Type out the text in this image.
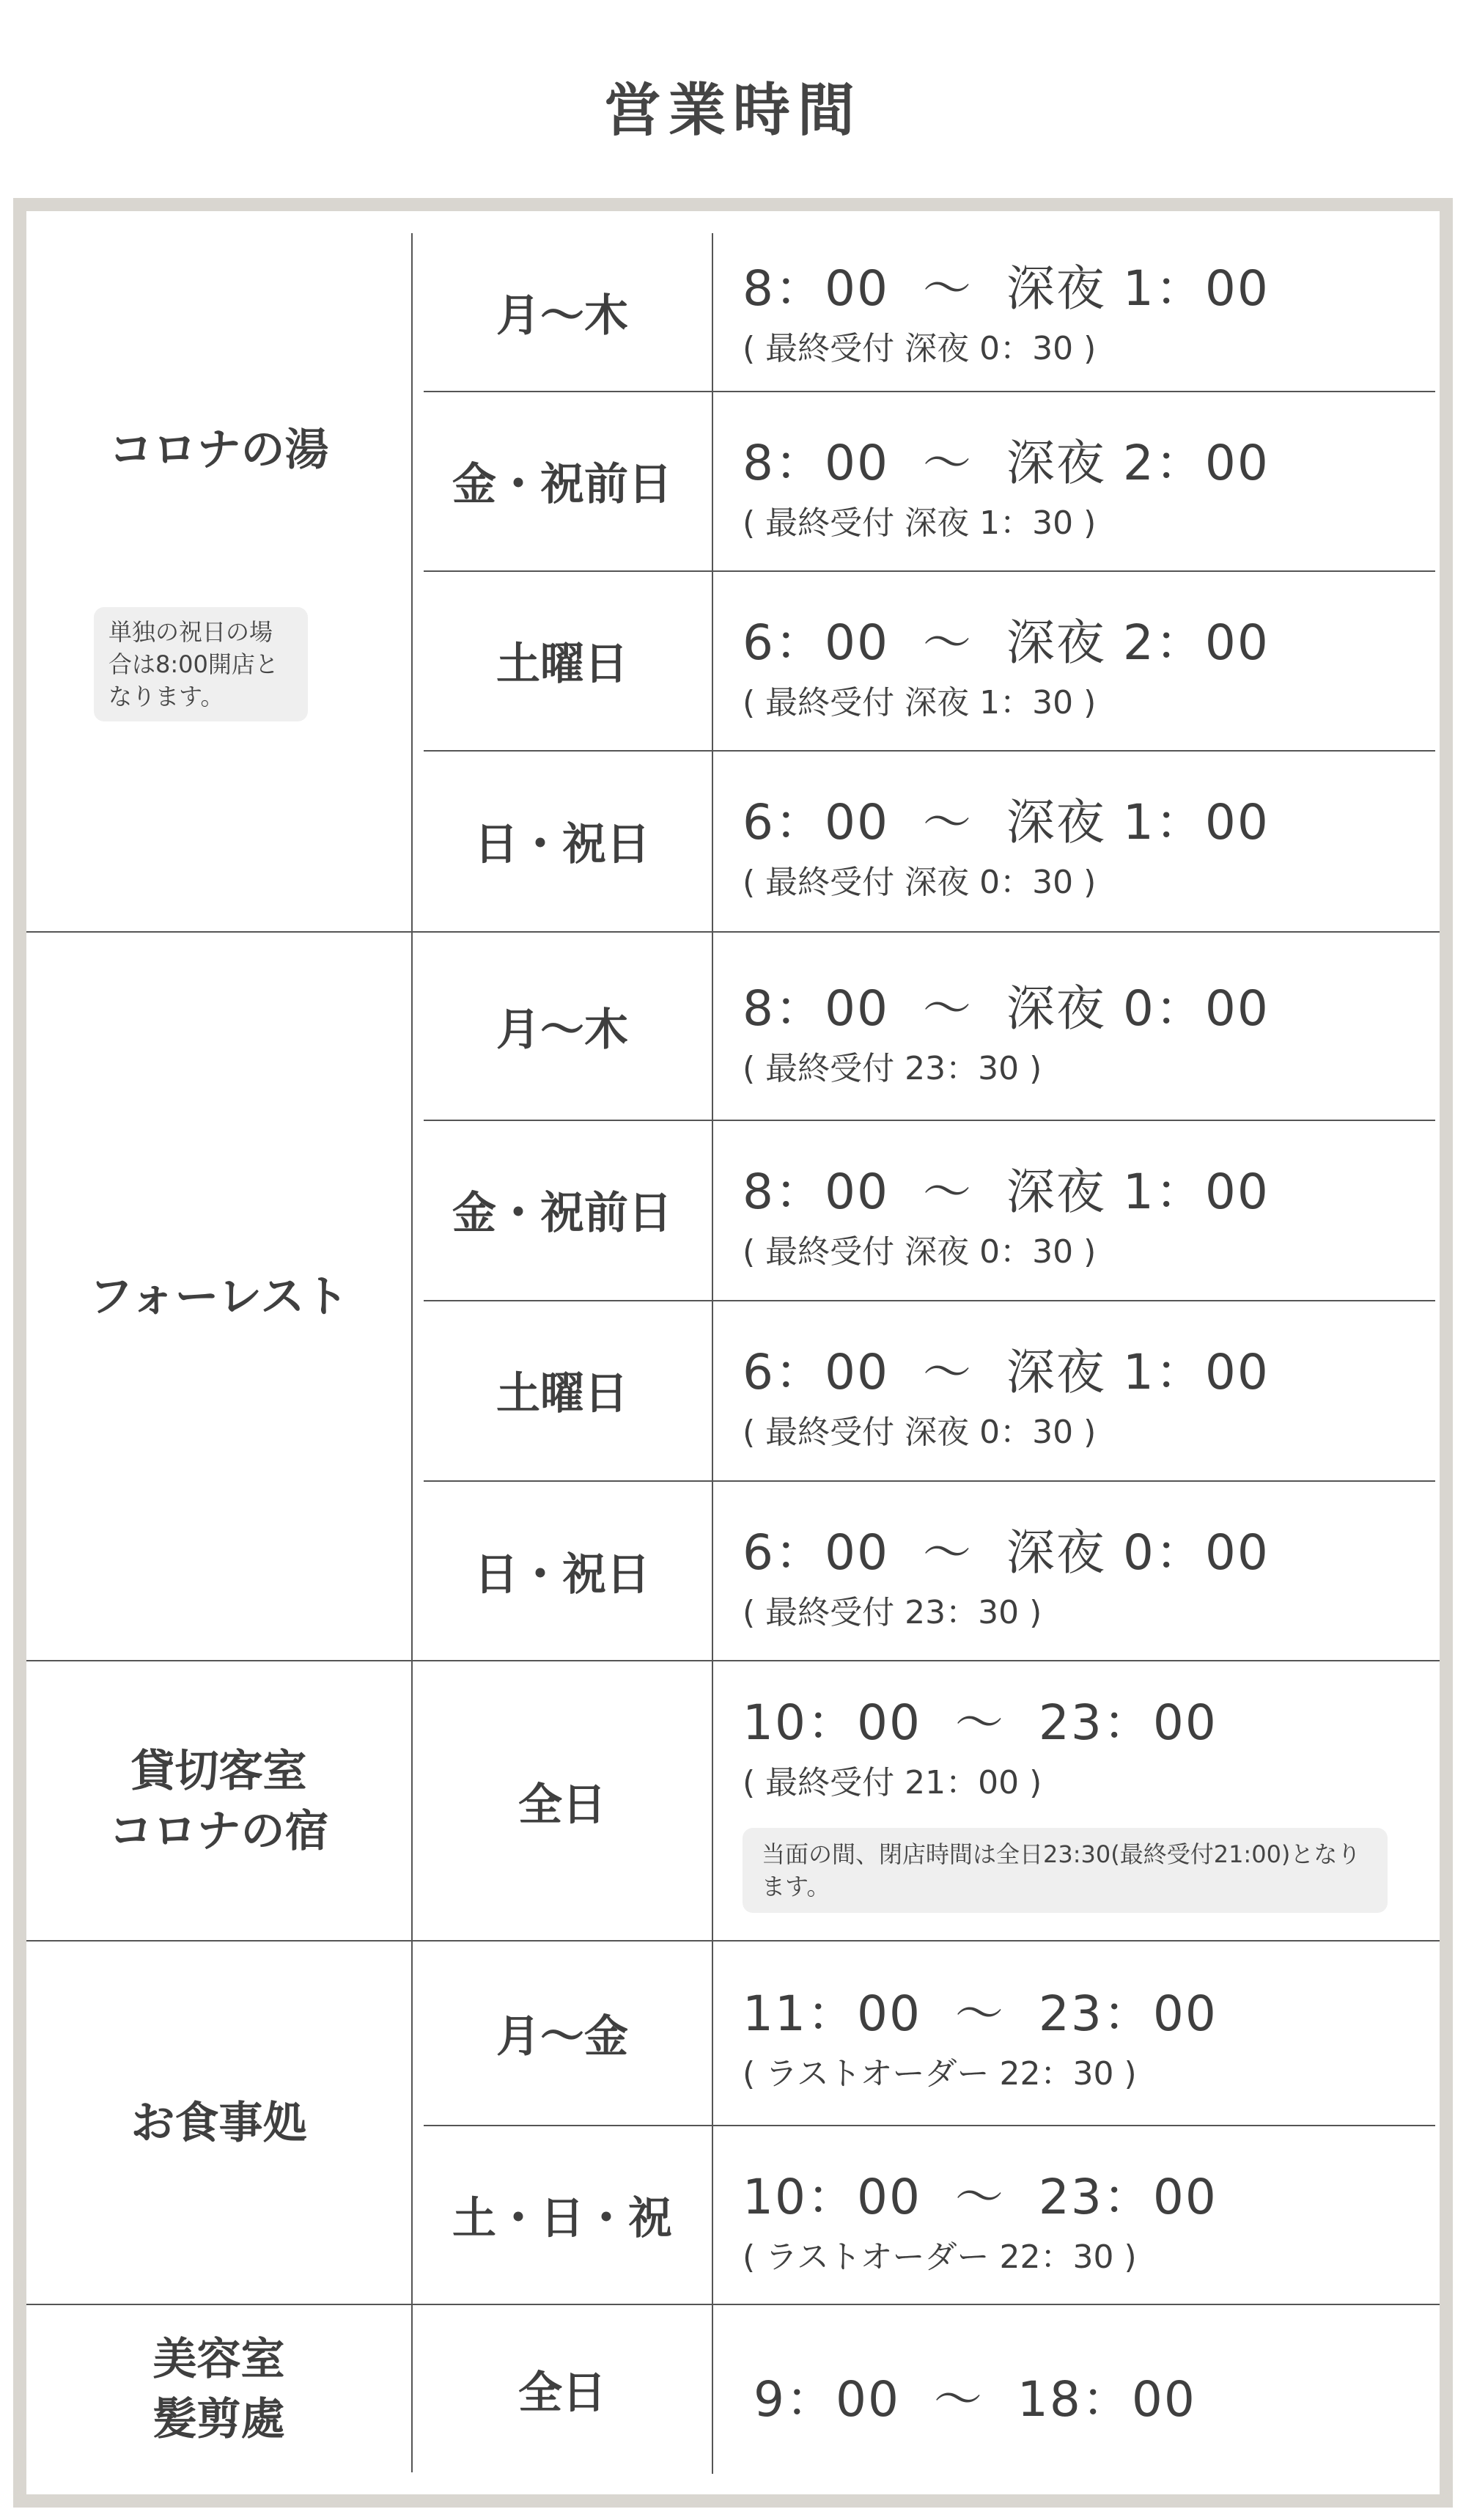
営業時間
コロナの湯
単独の祝日の場合は8:00開店となります。
月〜木	8：00  〜  深夜 1：00
( 最終受付 深夜 0：30 )
金・祝前日	8：00  〜  深夜 2：00
( 最終受付 深夜 1：30 )
土曜日	6：00  〜  深夜 2：00
( 最終受付 深夜 1：30 )
日・祝日	6：00  〜  深夜 1：00
( 最終受付 深夜 0：30 )
フォーレスト
月〜木	8：00  〜  深夜 0：00
( 最終受付 23：30 )
金・祝前日	8：00  〜  深夜 1：00
( 最終受付 深夜 0：30 )
土曜日	6：00  〜  深夜 1：00
( 最終受付 深夜 0：30 )
日・祝日	6：00  〜  深夜 0：00
( 最終受付 23：30 )
貸切客室
コロナの宿
全日
10：00  〜  23：00
( 最終受付 21：00 )
当面の間、閉店時間は全日23:30(最終受付21:00)となります。
お食事処
月〜金	11：00  〜  23：00
( ラストオーダー 22：30 )
土・日・祝	10：00  〜  23：00
( ラストオーダー 22：30 )
美容室
髪剪處
全日	9：00  〜  18：00
